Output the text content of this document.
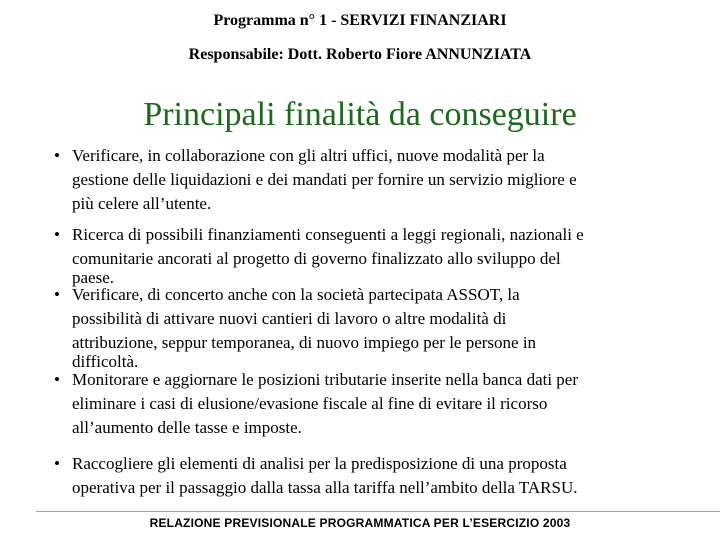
Programma n° 1 - SERVIZI FINANZIARI
Responsabile: Dott. Roberto Fiore ANNUNZIATA
Principali finalità da conseguire
• Verificare, in collaborazione con gli altri uffici, nuove modalità per la
gestione delle liquidazioni e dei mandati per fornire un servizio migliore e
più celere all’utente.
• Ricerca di possibili finanziamenti conseguenti a leggi regionali, nazionali e
comunitarie ancorati al progetto di governo finalizzato allo sviluppo del
paese.
• Verificare, di concerto anche con la società partecipata ASSOT, la
possibilità di attivare nuovi cantieri di lavoro o altre modalità di
attribuzione, seppur temporanea, di nuovo impiego per le persone in
difficoltà.
• Monitorare e aggiornare le posizioni tributarie inserite nella banca dati per
eliminare i casi di elusione/evasione fiscale al fine di evitare il ricorso
all’aumento delle tasse e imposte.
• Raccogliere gli elementi di analisi per la predisposizione di una proposta
operativa per il passaggio dalla tassa alla tariffa nell’ambito della TARSU.
RELAZIONE PREVISIONALE PROGRAMMATICA PER L’ESERCIZIO 2003
